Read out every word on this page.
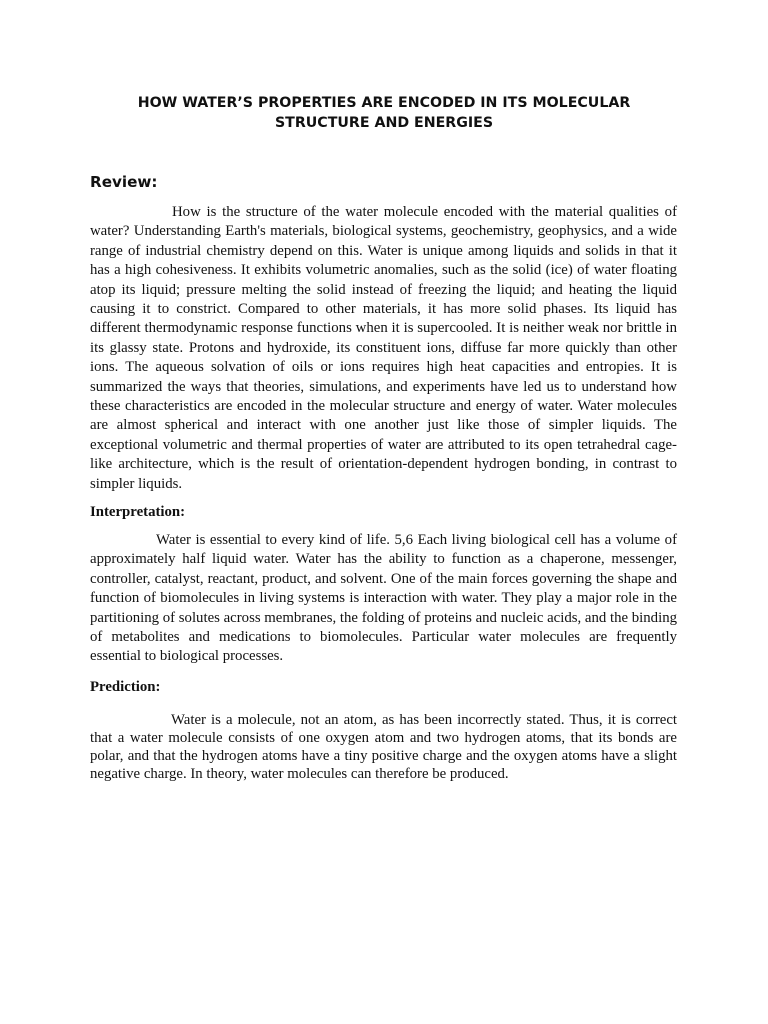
HOW WATER’S PROPERTIES ARE ENCODED IN ITS MOLECULAR
STRUCTURE AND ENERGIES
Review:

How is the structure of the water molecule encoded with the material qualities of water? Understanding Earth's materials, biological systems, geochemistry, geophysics, and a wide range of industrial chemistry depend on this. Water is unique among liquids and solids in that it has a high cohesiveness. It exhibits volumetric anomalies, such as the solid (ice) of water floating atop its liquid; pressure melting the solid instead of freezing the liquid; and heating the liquid causing it to constrict. Compared to other materials, it has more solid phases. Its liquid has different thermodynamic response functions when it is supercooled. It is neither weak nor brittle in its glassy state. Protons and hydroxide, its constituent ions, diffuse far more quickly than other ions. The aqueous solvation of oils or ions requires high heat capacities and entropies. It is summarized the ways that theories, simulations, and experiments have led us to understand how these characteristics are encoded in the molecular structure and energy of water. Water molecules are almost spherical and interact with one another just like those of simpler liquids. The exceptional volumetric and thermal properties of water are attributed to its open tetrahedral cage-like architecture, which is the result of orientation-dependent hydrogen bonding, in contrast to simpler liquids.

Interpretation:

Water is essential to every kind of life. 5,6 Each living biological cell has a volume of approximately half liquid water. Water has the ability to function as a chaperone, messenger, controller, catalyst, reactant, product, and solvent. One of the main forces governing the shape and function of biomolecules in living systems is interaction with water. They play a major role in the partitioning of solutes across membranes, the folding of proteins and nucleic acids, and the binding of metabolites and medications to biomolecules. Particular water molecules are frequently essential to biological processes.

Prediction:

Water is a molecule, not an atom, as has been incorrectly stated. Thus, it is correct that a water molecule consists of one oxygen atom and two hydrogen atoms, that its bonds are polar, and that the hydrogen atoms have a tiny positive charge and the oxygen atoms have a slight negative charge. In theory, water molecules can therefore be produced.
